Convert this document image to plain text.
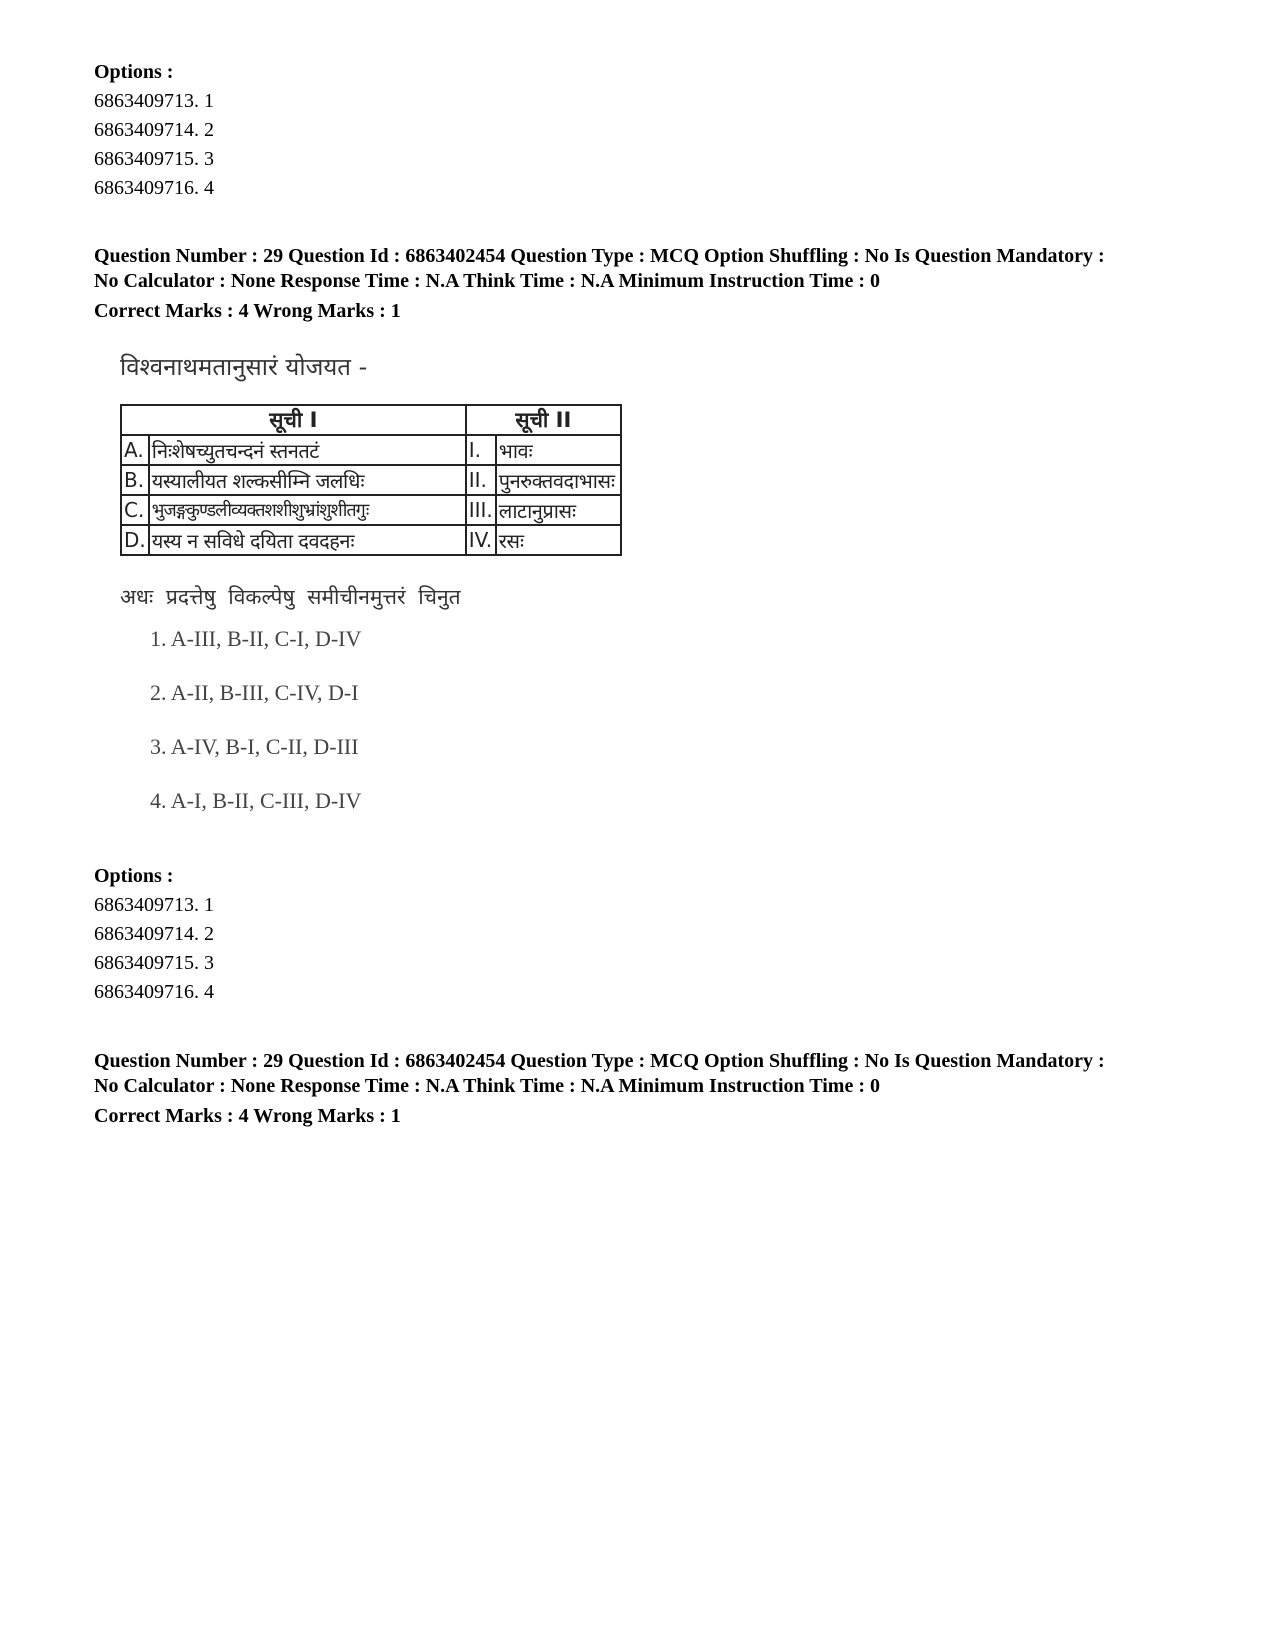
Options :
6863409713. 1
6863409714. 2
6863409715. 3
6863409716. 4
Question Number : 29 Question Id : 6863402454 Question Type : MCQ Option Shuffling : No Is Question Mandatory :
No Calculator : None Response Time : N.A Think Time : N.A Minimum Instruction Time : 0
Correct Marks : 4 Wrong Marks : 1
विश्वनाथमतानुसारं योजयत -
सूची I		सूची II	
A.	निःशेषच्युतचन्दनं स्तनतटं	I.	भावः
B.	यस्यालीयत शल्कसीम्नि जलधिः	II.	पुनरुक्तवदाभासः
C.	भुजङ्गकुण्डलीव्यक्तशशीशुभ्रांशुशीतगुः	III.	लाटानुप्रासः
D.	यस्य न सविधे दयिता दवदहनः	IV.	रसः
अधः प्रदत्तेषु विकल्पेषु समीचीनमुत्तरं चिनुत
1. A-III, B-II, C-I, D-IV
2. A-II, B-III, C-IV, D-I
3. A-IV, B-I, C-II, D-III
4. A-I, B-II, C-III, D-IV
Options :
6863409713. 1
6863409714. 2
6863409715. 3
6863409716. 4
Question Number : 29 Question Id : 6863402454 Question Type : MCQ Option Shuffling : No Is Question Mandatory :
No Calculator : None Response Time : N.A Think Time : N.A Minimum Instruction Time : 0
Correct Marks : 4 Wrong Marks : 1
